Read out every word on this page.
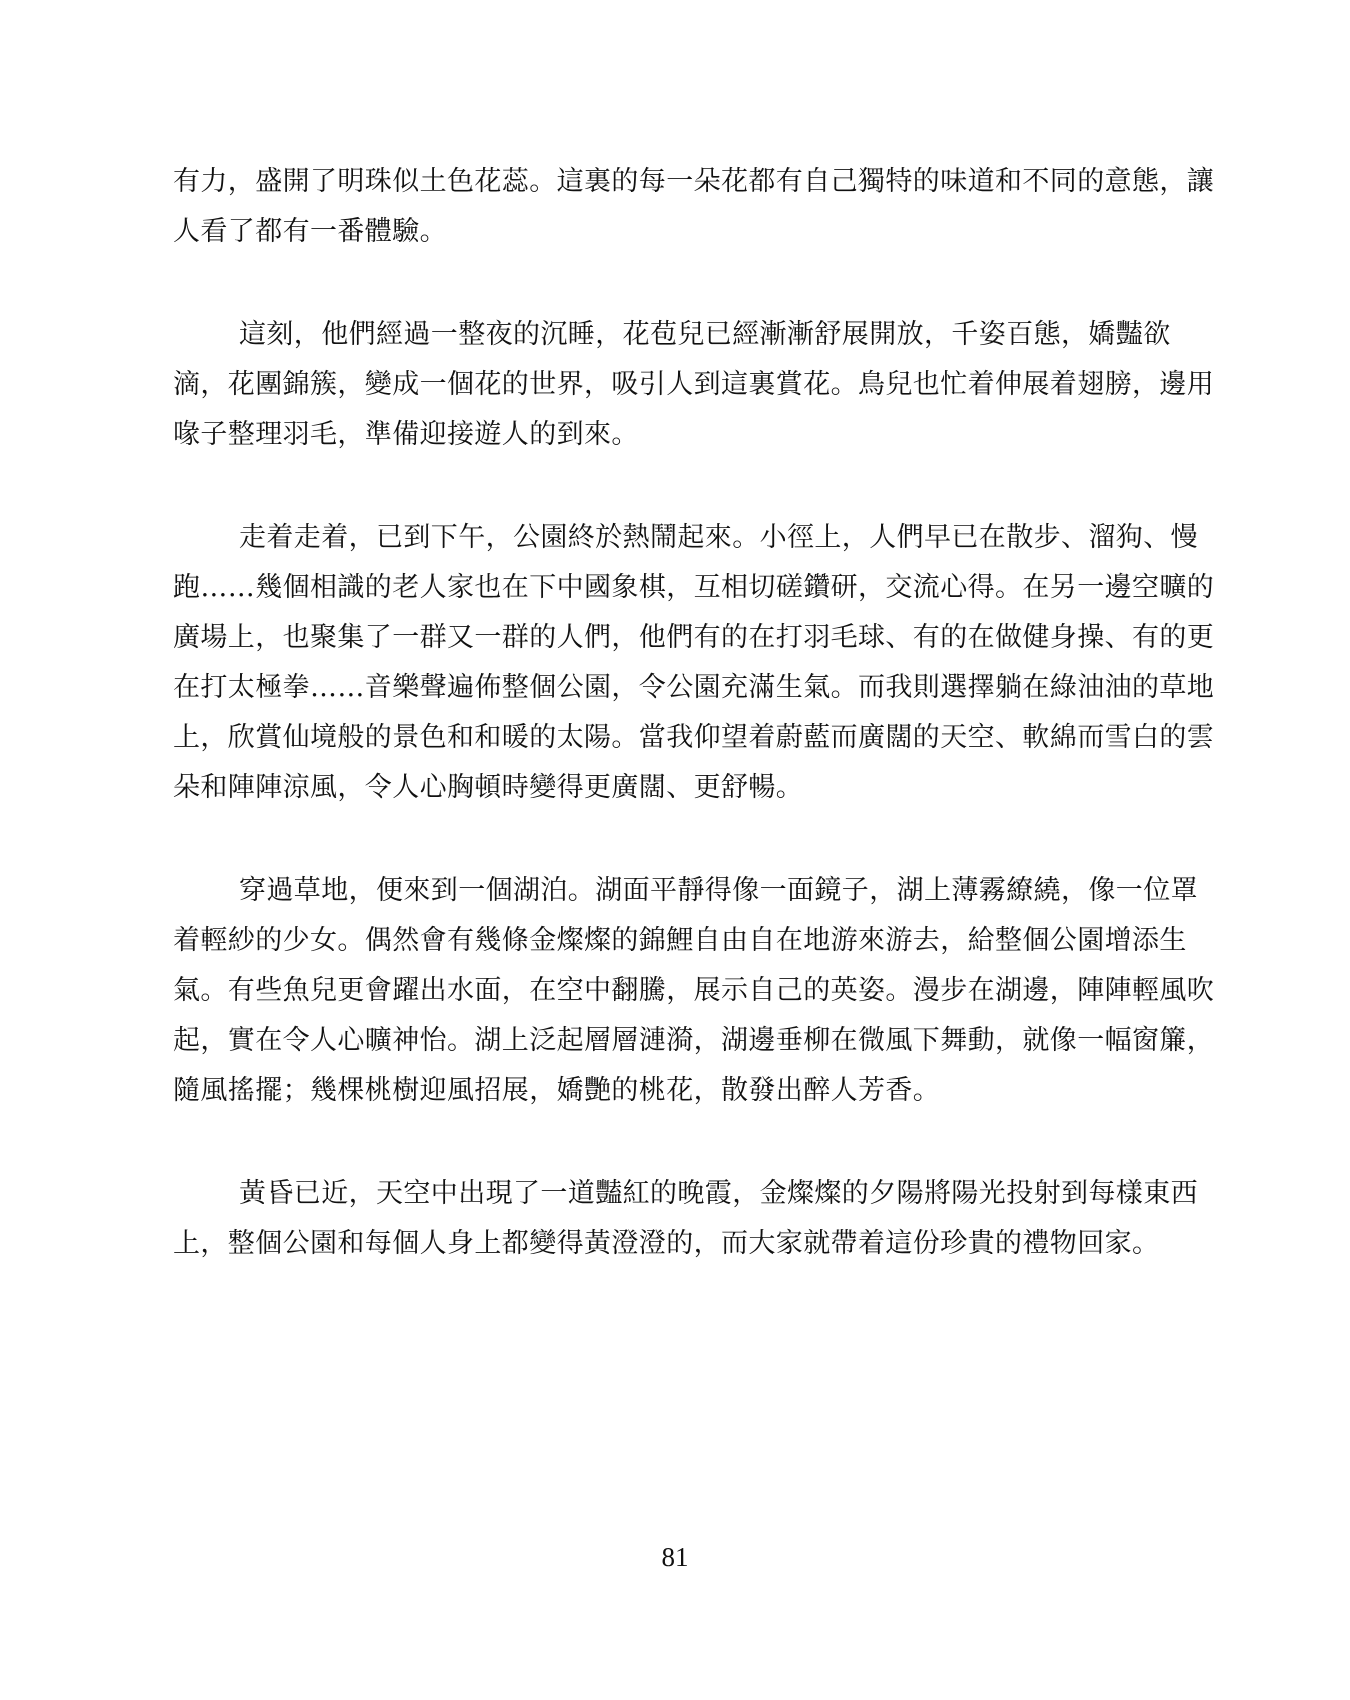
有力，盛開了明珠似土色花蕊。這裏的每一朵花都有自己獨特的味道和不同的意態，讓人看了都有一番體驗。

這刻，他們經過一整夜的沉睡，花苞兒已經漸漸舒展開放，千姿百態，嬌豔欲滴，花團錦簇，變成一個花的世界，吸引人到這裏賞花。鳥兒也忙着伸展着翅膀，邊用喙子整理羽毛，準備迎接遊人的到來。

走着走着，已到下午，公園終於熱鬧起來。小徑上，人們早已在散步、溜狗、慢跑……幾個相識的老人家也在下中國象棋，互相切磋鑽研，交流心得。在另一邊空曠的廣場上，也聚集了一群又一群的人們，他們有的在打羽毛球、有的在做健身操、有的更在打太極拳……音樂聲遍佈整個公園，令公園充滿生氣。而我則選擇躺在綠油油的草地上，欣賞仙境般的景色和和暖的太陽。當我仰望着蔚藍而廣闊的天空、軟綿而雪白的雲朵和陣陣涼風，令人心胸頓時變得更廣闊、更舒暢。

穿過草地，便來到一個湖泊。湖面平靜得像一面鏡子，湖上薄霧繚繞，像一位罩着輕紗的少女。偶然會有幾條金燦燦的錦鯉自由自在地游來游去，給整個公園增添生氣。有些魚兒更會躍出水面，在空中翻騰，展示自己的英姿。漫步在湖邊，陣陣輕風吹起，實在令人心曠神怡。湖上泛起層層漣漪，湖邊垂柳在微風下舞動，就像一幅窗簾，隨風搖擺；幾棵桃樹迎風招展，嬌艷的桃花，散發出醉人芳香。

黃昏已近，天空中出現了一道豔紅的晚霞，金燦燦的夕陽將陽光投射到每樣東西上，整個公園和每個人身上都變得黃澄澄的，而大家就帶着這份珍貴的禮物回家。

81
